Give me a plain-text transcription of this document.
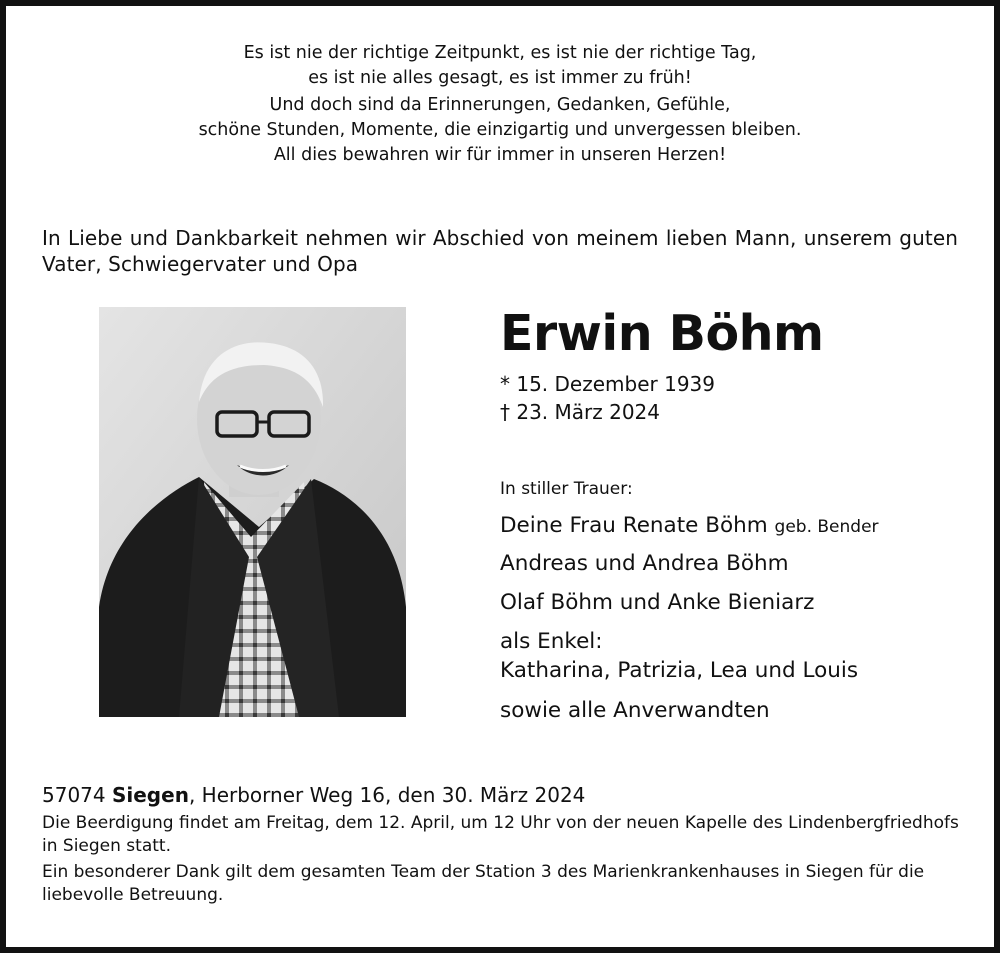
Es ist nie der richtige Zeitpunkt, es ist nie der richtige Tag,
es ist nie alles gesagt, es ist immer zu früh!
Und doch sind da Erinnerungen, Gedanken, Gefühle,
schöne Stunden, Momente, die einzigartig und unvergessen bleiben.
All dies bewahren wir für immer in unseren Herzen!

In Liebe und Dankbarkeit nehmen wir Abschied von meinem lieben Mann, unserem guten Vater, Schwiegervater und Opa

Erwin Böhm
* 15. Dezember 1939
† 23. März 2024
In stiller Trauer:
Deine Frau Renate Böhm geb. Bender
Andreas und Andrea Böhm
Olaf Böhm und Anke Bieniarz
als Enkel:
Katharina, Patrizia, Lea und Louis
sowie alle Anverwandten
57074 Siegen, Herborner Weg 16, den 30. März 2024

Die Beerdigung findet am Freitag, dem 12. April, um 12 Uhr von der neuen Kapelle des Lindenbergfriedhofs in Siegen statt.

Ein besonderer Dank gilt dem gesamten Team der Station 3 des Marienkrankenhauses in Siegen für die liebevolle Betreuung.
